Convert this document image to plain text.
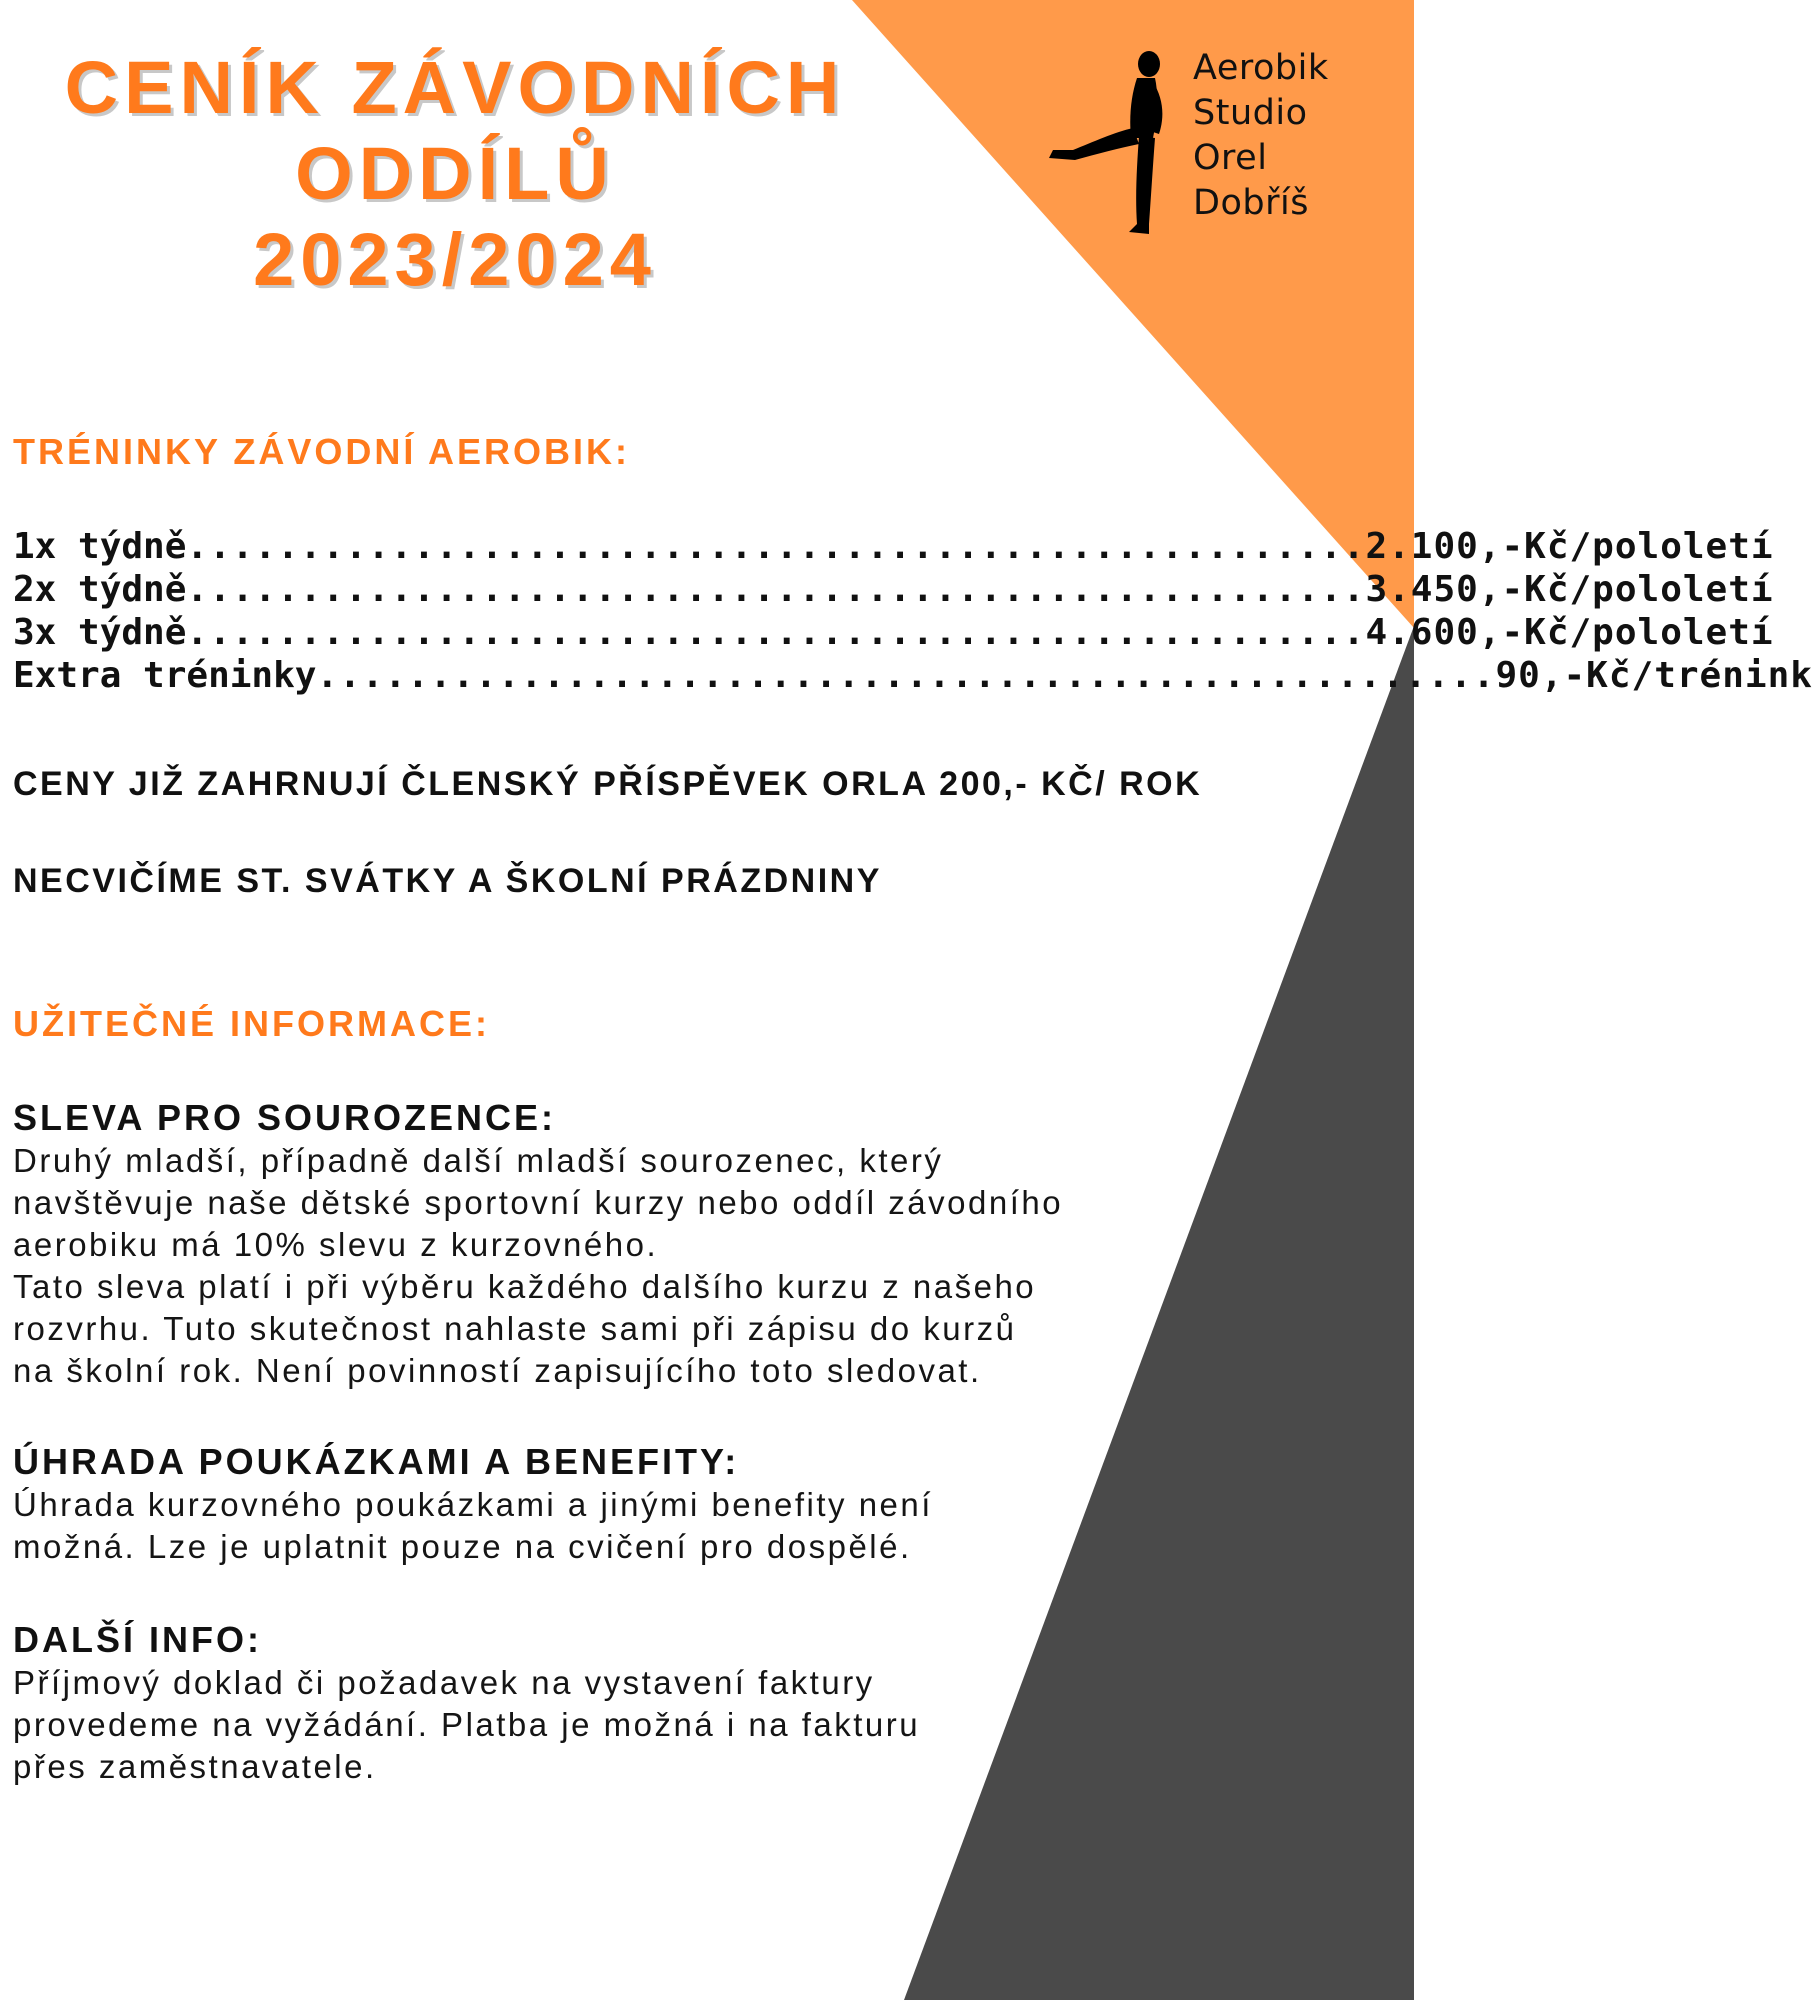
CENÍK ZÁVODNÍCH
ODDÍLŮ
2023/2024
Aerobik
Studio
Orel
Dobříš
TRÉNINKY ZÁVODNÍ AEROBIK:
1x týdně .................................................... 2.100,-Kč/pololetí
2x týdně .................................................... 3.450,-Kč/pololetí
3x týdně .................................................... 4.600,-Kč/pololetí
Extra tréninky .................................................... 90,-Kč/trénink
CENY JIŽ ZAHRNUJÍ ČLENSKÝ PŘÍSPĚVEK ORLA 200,- KČ/ ROK
NECVIČÍME ST. SVÁTKY A ŠKOLNÍ PRÁZDNINY
UŽITEČNÉ INFORMACE:
SLEVA PRO SOUROZENCE:
Druhý mladší, případně další mladší sourozenec, který
navštěvuje naše dětské sportovní kurzy nebo oddíl závodního
aerobiku má 10% slevu z kurzovného.
Tato sleva platí i při výběru každého dalšího kurzu z našeho
rozvrhu. Tuto skutečnost nahlaste sami při zápisu do kurzů
na školní rok. Není povinností zapisujícího toto sledovat.
ÚHRADA POUKÁZKAMI A BENEFITY:
Úhrada kurzovného poukázkami a jinými benefity není
možná. Lze je uplatnit pouze na cvičení pro dospělé.
DALŠÍ INFO:
Příjmový doklad či požadavek na vystavení faktury
provedeme na vyžádání. Platba je možná i na fakturu
přes zaměstnavatele.
